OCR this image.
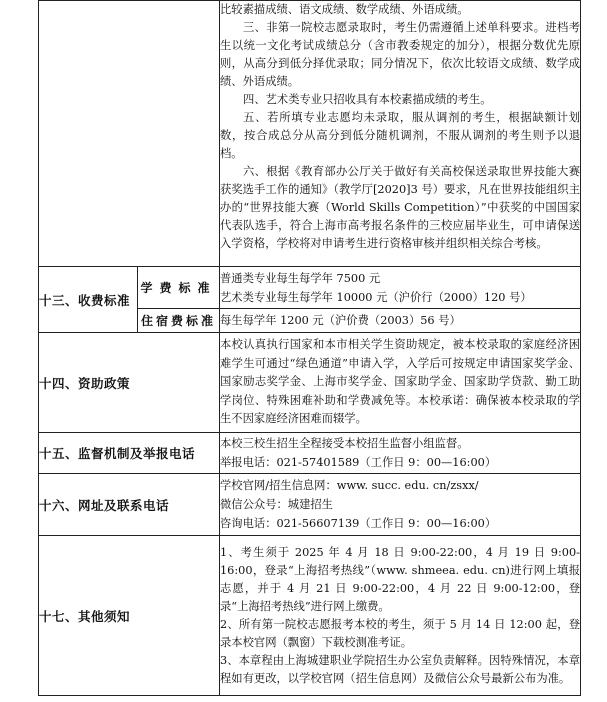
		比较素描成绩、语文成绩、数学成绩、外语成绩。

三、非第一院校志愿录取时，考生仍需遵循上述单科要求。进档考生以统一文化考试成绩总分（含市教委规定的加分），根据分数优先原则，从高分到低分择优录取；同分情况下，依次比较语文成绩、数学成绩、外语成绩。

四、艺术类专业只招收具有本校素描成绩的考生。

五、若所填专业志愿均未录取，服从调剂的考生，根据缺额计划数，按合成总分从高分到低分随机调剂，不服从调剂的考生则予以退档。

六、根据《教育部办公厅关于做好有关高校保送录取世界技能大赛获奖选手工作的通知》（教学厅[2020]3 号）要求，凡在世界技能组织主办的“世界技能大赛（World Skills Competition）”中获奖的中国国家代表队选手，符合上海市高考报名条件的三校应届毕业生，可申请保送入学资格，学校将对申请考生进行资格审核并组织相关综合考核。

十三、收费标准	学费标准	普通类专业每生每学年 7500 元

艺术类专业每生每学年 10000 元（沪价行（2000）120 号）

	住宿费标准	每生每学年 1200 元（沪价费（2003）56 号）

十四、资助政策		本校认真执行国家和本市相关学生资助规定，被本校录取的家庭经济困难学生可通过“绿色通道”申请入学，入学后可按规定申请国家奖学金、国家励志奖学金、上海市奖学金、国家助学金、国家助学贷款、勤工助学岗位、特殊困难补助和学费减免等。本校承诺：确保被本校录取的学生不因家庭经济困难而辍学。

十五、监督机制及举报电话		本校三校生招生全程接受本校招生监督小组监督。

举报电话：021-57401589（工作日 9：00—16:00）

十六、网址及联系电话		学校官网/招生信息网：www. succ. edu. cn/zsxx/

微信公众号：城建招生

咨询电话：021-56607139（工作日 9：00—16:00）

十七、其他须知		1、考生须于 2025 年 4 月 18 日 9:00-22:00，4 月 19 日 9:00-16:00，登录“上海招考热线”（www. shmeea. edu. cn)进行网上填报志愿，并于 4 月 21 日 9:00-22:00，4 月 22 日 9:00-12:00，登录“上海招考热线”进行网上缴费。

2、所有第一院校志愿报考本校的考生，须于 5 月 14 日 12:00 起，登录本校官网（飘窗）下载校测准考证。

3、本章程由上海城建职业学院招生办公室负责解释。因特殊情况，本章程如有更改，以学校官网（招生信息网）及微信公众号最新公布为准。
